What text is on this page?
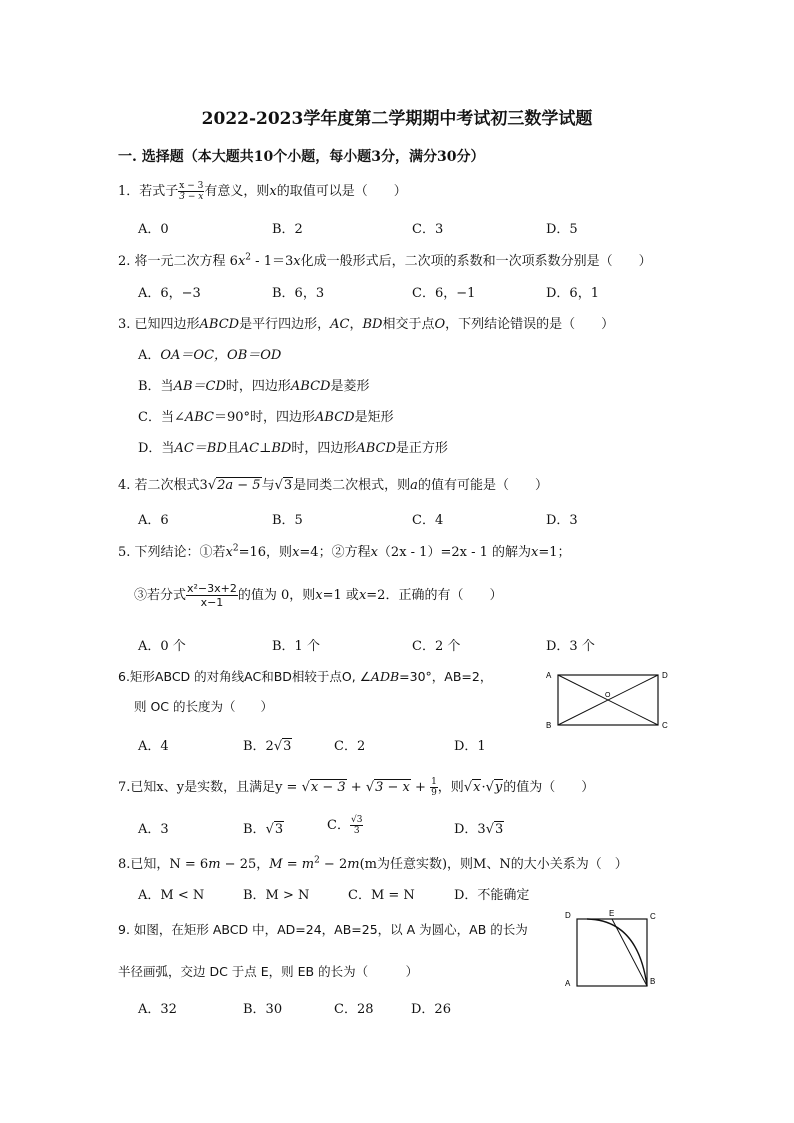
2022-2023学年度第二学期期中考试初三数学试题
一. 选择题（本大题共10个小题，每小题3分，满分30分）
1．若式子 $\frac{x - 3}{3 - x}$ 有意义，则x的取值可以是（　　）
A．0	B．2	C．3	D．5
2. 将一元二次方程 $6x^2 - 1=3x$化成一般形式后，二次项的系数和一次项系数分别是（　　）
A．6，−3	B．6，3	C．6，−1	D．6，1
3. 已知四边形ABCD是平行四边形，AC，BD相交于点O，下列结论错误的是（　　）
A．OA＝OC，OB＝OD
B．当AB＝CD时，四边形ABCD是菱形
C．当∠ABC＝90°时，四边形ABCD是矩形
D．当AC＝BD且AC⊥BD时，四边形ABCD是正方形
4. 若二次根式3√2a − 5与√3是同类二次根式，则a的值有可能是（　　）
A．6	B．5	C．4	D．3
5. 下列结论：①若$x^2=16$，则x=4；②方程x（2x - 1）=2x - 1 的解为x=1；
③若分式 $\frac{\text{x²−3x+2}}{x-1}$ 的值为 0，则x=1 或x=2．正确的有（　　）
A．0 个	B．1 个	C．2 个	D．3 个
6.矩形ABCD 的对角线AC和BD相较于点O, ∠ADB=30°，AB=2，
则 OC 的长度为（　　）
A．4	B．2√3	C．2	D．1
A	D
O
B	C
7.已知x、y是实数，且满足$y = √x - 3 + √3 - x + \frac{1}{9}$ ，则√x·√y的值为（　　）
A．3	B．√3	C． $\frac{√3}{3}$	D．3√3
8.已知，N = 6m − 25，$M = m^2 - 2m(m$为任意实数)，则M、N的大小关系为（　）
A．M < N	B．M > N	C．M = N	D．不能确定
9. 如图，在矩形 ABCD 中，AD=24，AB=25，以 A 为圆心，AB 的长为
半径画弧，交边 DC 于点 E，则 EB 的长为（　　　）
A．32	B．30	C．28	D．26
D	E	C
A	B
